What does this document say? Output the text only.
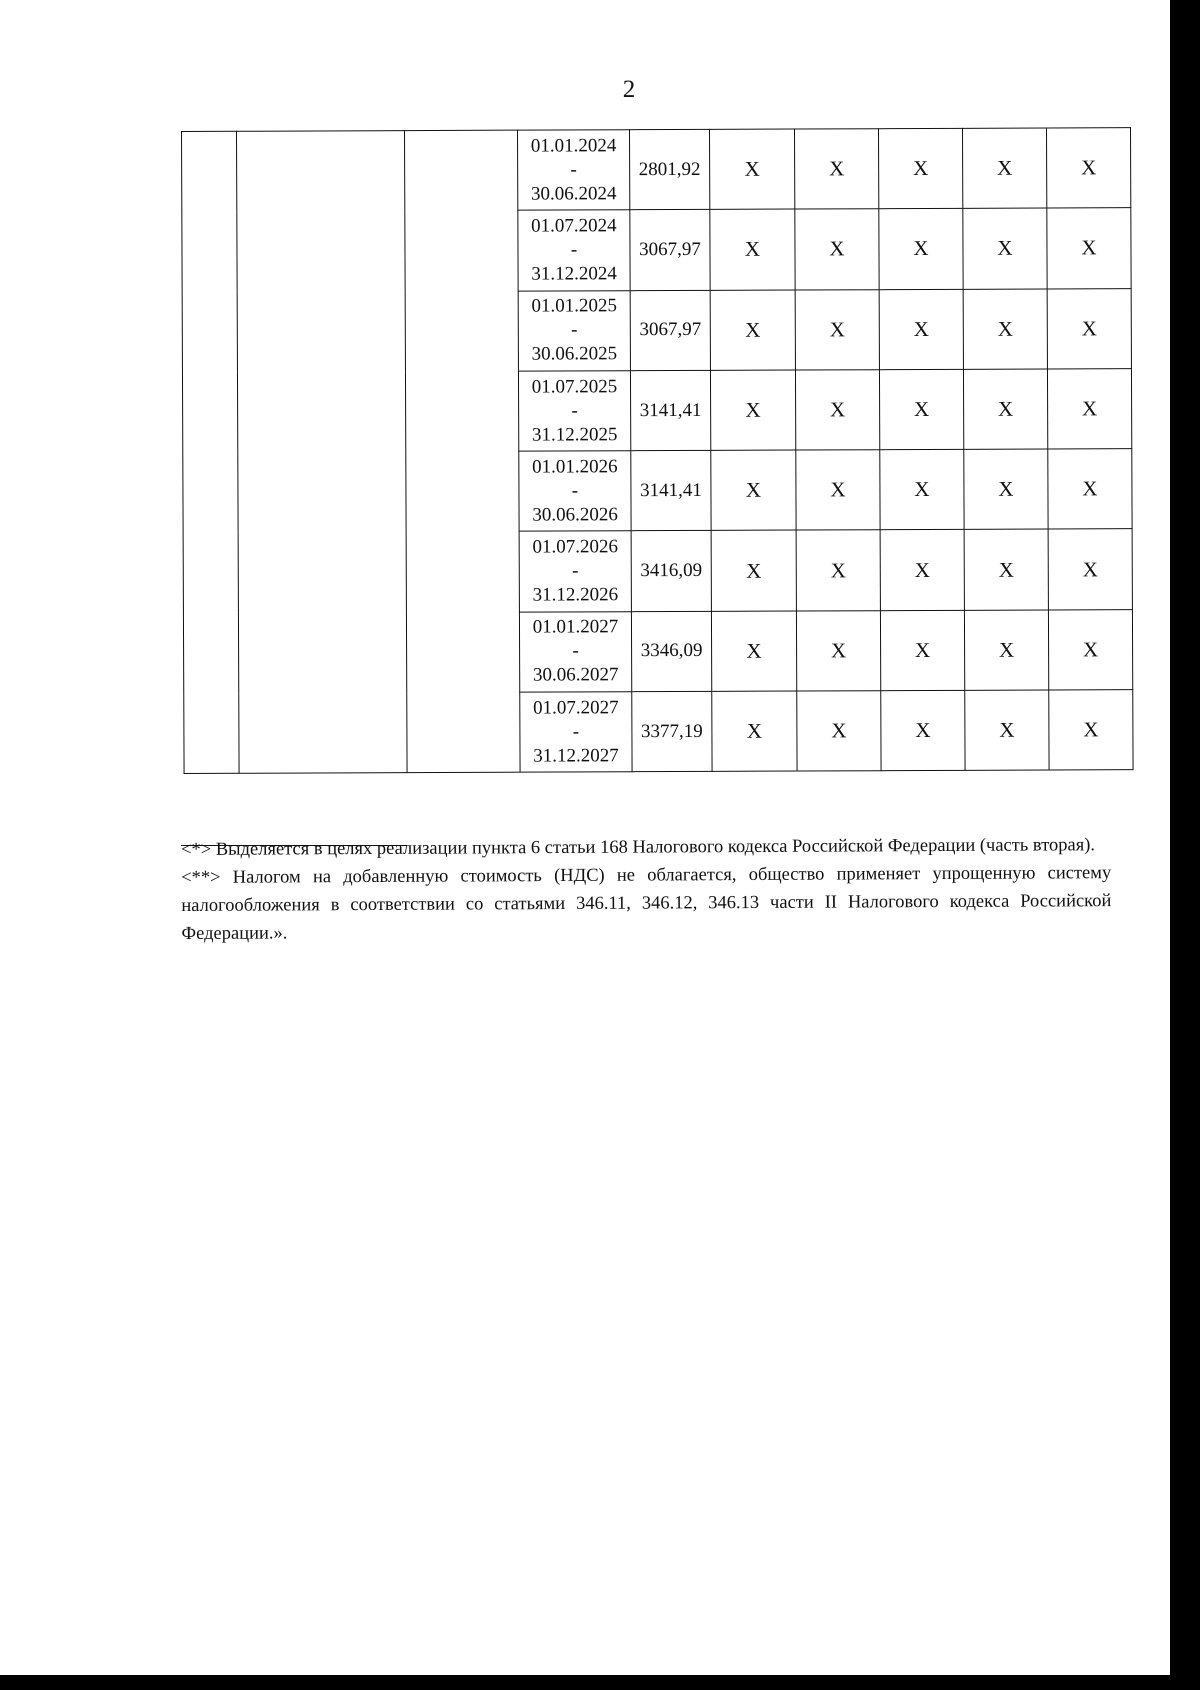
2

			01.01.2024
-
30.06.2024	2801,92	X	X	X	X	X

			01.07.2024
-
31.12.2024	3067,97	X	X	X	X	X

			01.01.2025
-
30.06.2025	3067,97	X	X	X	X	X

			01.07.2025
-
31.12.2025	3141,41	X	X	X	X	X

			01.01.2026
-
30.06.2026	3141,41	X	X	X	X	X

			01.07.2026
-
31.12.2026	3416,09	X	X	X	X	X

			01.01.2027
-
30.06.2027	3346,09	X	X	X	X	X

			01.07.2027
-
31.12.2027	3377,19	X	X	X	X	X

<*> Выделяется в целях реализации пункта 6 статьи 168 Налогового кодекса Российской Федерации (часть вторая).

<**> Налогом на добавленную стоимость (НДС) не облагается, общество применяет упрощенную систему налогообложения в соответствии со статьями 346.11, 346.12, 346.13 части II Налогового кодекса Российской Федерации.».
